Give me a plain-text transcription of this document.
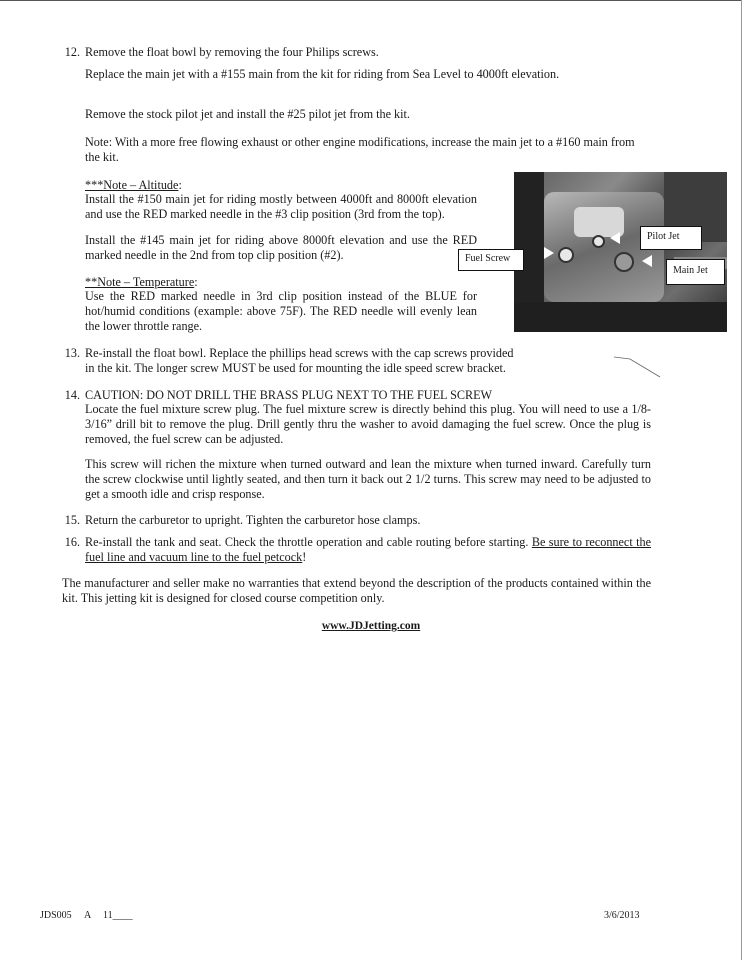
12. Remove the float bowl by removing the four Philips screws.
Replace the main jet with a #155 main from the kit for riding from Sea Level to 4000ft elevation.
Remove the stock pilot jet and install the #25 pilot jet from the kit.
Note: With a more free flowing exhaust or other engine modifications, increase the main jet to a #160 main from the kit.
***Note – Altitude:
Install the #150 main jet for riding mostly between 4000ft and 8000ft elevation and use the RED marked needle in the #3 clip position (3rd from the top).
Install the #145 main jet for riding above 8000ft elevation and use the RED marked needle in the 2nd from top clip position (#2).
**Note – Temperature:
Use the RED marked needle in 3rd clip position instead of the BLUE for hot/humid conditions (example: above 75F). The RED needle will evenly lean the lower throttle range.
Pilot Jet
Fuel Screw
Main Jet
13. Re-install the float bowl. Replace the phillips head screws with the cap screws provided in the kit. The longer screw MUST be used for mounting the idle speed screw bracket.
14. CAUTION: DO NOT DRILL THE BRASS PLUG NEXT TO THE FUEL SCREW
Locate the fuel mixture screw plug. The fuel mixture screw is directly behind this plug. You will need to use a 1/8-3/16” drill bit to remove the plug. Drill gently thru the washer to avoid damaging the fuel screw. Once the plug is removed, the fuel screw can be adjusted.
This screw will richen the mixture when turned outward and lean the mixture when turned inward. Carefully turn the screw clockwise until lightly seated, and then turn it back out 2 1/2 turns. This screw may need to be adjusted to get a smooth idle and crisp response.
15. Return the carburetor to upright. Tighten the carburetor hose clamps.
16. Re-install the tank and seat. Check the throttle operation and cable routing before starting. Be sure to reconnect the fuel line and vacuum line to the fuel petcock!
The manufacturer and seller make no warranties that extend beyond the description of the products contained within the kit. This jetting kit is designed for closed course competition only.
www.JDJetting.com
JDS005 A 11____	3/6/2013
